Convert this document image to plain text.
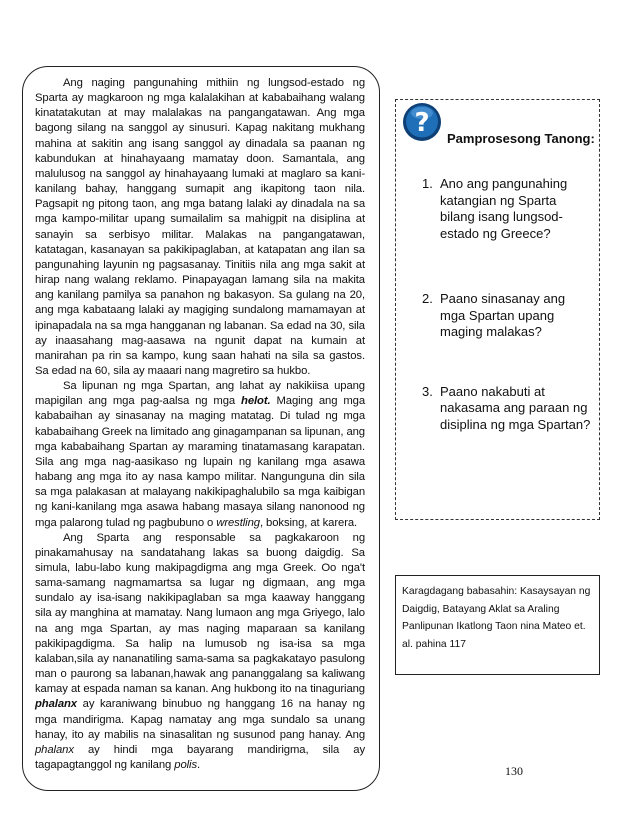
Ang naging pangunahing mithiin ng lungsod-estado ng Sparta ay magkaroon ng mga kalalakihan at kababaihang walang kinatatakutan at may malalakas na pangangatawan. Ang mga bagong silang na sanggol ay sinusuri. Kapag nakitang mukhang mahina at sakitin ang isang sanggol ay dinadala sa paanan ng kabundukan at hinahayaang mamatay doon. Samantala, ang malulusog na sanggol ay hinahayaang lumaki at maglaro sa kani-kanilang bahay, hanggang sumapit ang ikapitong taon nila. Pagsapit ng pitong taon, ang mga batang lalaki ay dinadala na sa mga kampo-militar upang sumailalim sa mahigpit na disiplina at sanayin sa serbisyo militar. Malakas na pangangatawan, katatagan, kasanayan sa pakikipaglaban, at katapatan ang ilan sa pangunahing layunin ng pagsasanay. Tinitiis nila ang mga sakit at hirap nang walang reklamo. Pinapayagan lamang sila na makita ang kanilang pamilya sa panahon ng bakasyon. Sa gulang na 20, ang mga kabataang lalaki ay magiging sundalong mamamayan at ipinapadala na sa mga hangganan ng labanan. Sa edad na 30, sila ay inaasahang mag-aasawa na ngunit dapat na kumain at manirahan pa rin sa kampo, kung saan hahati na sila sa gastos. Sa edad na 60, sila ay maaari nang magretiro sa hukbo.

Sa lipunan ng mga Spartan, ang lahat ay nakikiisa upang mapigilan ang mga pag-aalsa ng mga helot. Maging ang mga kababaihan ay sinasanay na maging matatag. Di tulad ng mga kababaihang Greek na limitado ang ginagampanan sa lipunan, ang mga kababaihang Spartan ay maraming tinatamasang karapatan. Sila ang mga nag-aasikaso ng lupain ng kanilang mga asawa habang ang mga ito ay nasa kampo militar. Nangunguna din sila sa mga palakasan at malayang nakikipaghalubilo sa mga kaibigan ng kani-kanilang mga asawa habang masaya silang nanonood ng mga palarong tulad ng pagbubuno o wrestling, boksing, at karera.

Ang Sparta ang responsable sa pagkakaroon ng pinakamahusay na sandatahang lakas sa buong daigdig. Sa simula, labu-labo kung makipagdigma ang mga Greek. Oo nga't sama-samang nagmamartsa sa lugar ng digmaan, ang mga sundalo ay isa-isang nakikipaglaban sa mga kaaway hanggang sila ay manghina at mamatay. Nang lumaon ang mga Griyego, lalo na ang mga Spartan, ay mas naging maparaan sa kanilang pakikipagdigma. Sa halip na lumusob ng isa-isa sa mga kalaban,sila ay nananatiling sama-sama sa pagkakatayo pasulong man o paurong sa labanan,hawak ang pananggalang sa kaliwang kamay at espada naman sa kanan. Ang hukbong ito na tinaguriang phalanx ay karaniwang binubuo ng hanggang 16 na hanay ng mga mandirigma. Kapag namatay ang mga sundalo sa unang hanay, ito ay mabilis na sinasalitan ng susunod pang hanay. Ang phalanx ay hindi mga bayarang mandirigma, sila ay tagapagtanggol ng kanilang polis.

?
Pamprosesong Tanong:
1. Ano ang pangunahing katangian ng Sparta bilang isang lungsod-estado ng Greece?
2. Paano sinasanay ang mga Spartan upang maging malakas?
3. Paano nakabuti at nakasama ang paraan ng disiplina ng mga Spartan?
Karagdagang babasahin: Kasaysayan ng Daigdig, Batayang Aklat sa Araling Panlipunan Ikatlong Taon nina Mateo et. al. pahina 117
130
